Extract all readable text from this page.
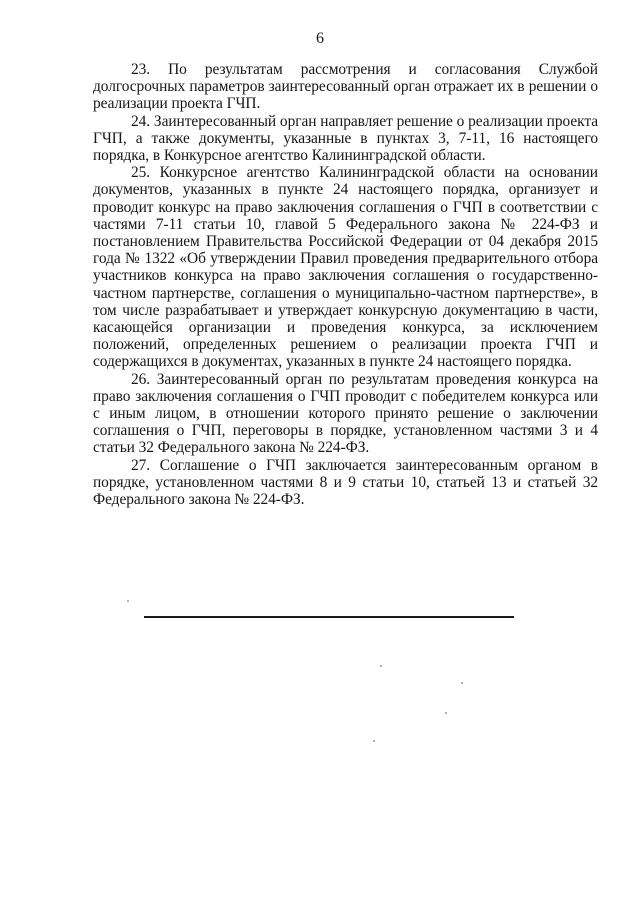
6

23. По результатам рассмотрения и согласования Службой долгосрочных параметров заинтересованный орган отражает их в решении о реализации проекта ГЧП.

24. Заинтересованный орган направляет решение о реализации проекта ГЧП, а также документы, указанные в пунктах 3, 7-11, 16 настоящего порядка, в Конкурсное агентство Калининградской области.

25. Конкурсное агентство Калининградской области на основании документов, указанных в пункте 24 настоящего порядка, организует и проводит конкурс на право заключения соглашения о ГЧП в соответствии с частями 7-11 статьи 10, главой 5 Федерального закона № 224-ФЗ и постановлением Правительства Российской Федерации от 04 декабря 2015 года № 1322 «Об утверждении Правил проведения предварительного отбора участников конкурса на право заключения соглашения о государственно-частном партнерстве, соглашения о муниципально-частном партнерстве», в том числе разрабатывает и утверждает конкурсную документацию в части, касающейся организации и проведения конкурса, за исключением положений, определенных решением о реализации проекта ГЧП и содержащихся в документах, указанных в пункте 24 настоящего порядка.

26. Заинтересованный орган по результатам проведения конкурса на право заключения соглашения о ГЧП проводит с победителем конкурса или с иным лицом, в отношении которого принято решение о заключении соглашения о ГЧП, переговоры в порядке, установленном частями 3 и 4 статьи 32 Федерального закона № 224-ФЗ.

27. Соглашение о ГЧП заключается заинтересованным органом в порядке, установленном частями 8 и 9 статьи 10, статьей 13 и статьей 32 Федерального закона № 224-ФЗ.
